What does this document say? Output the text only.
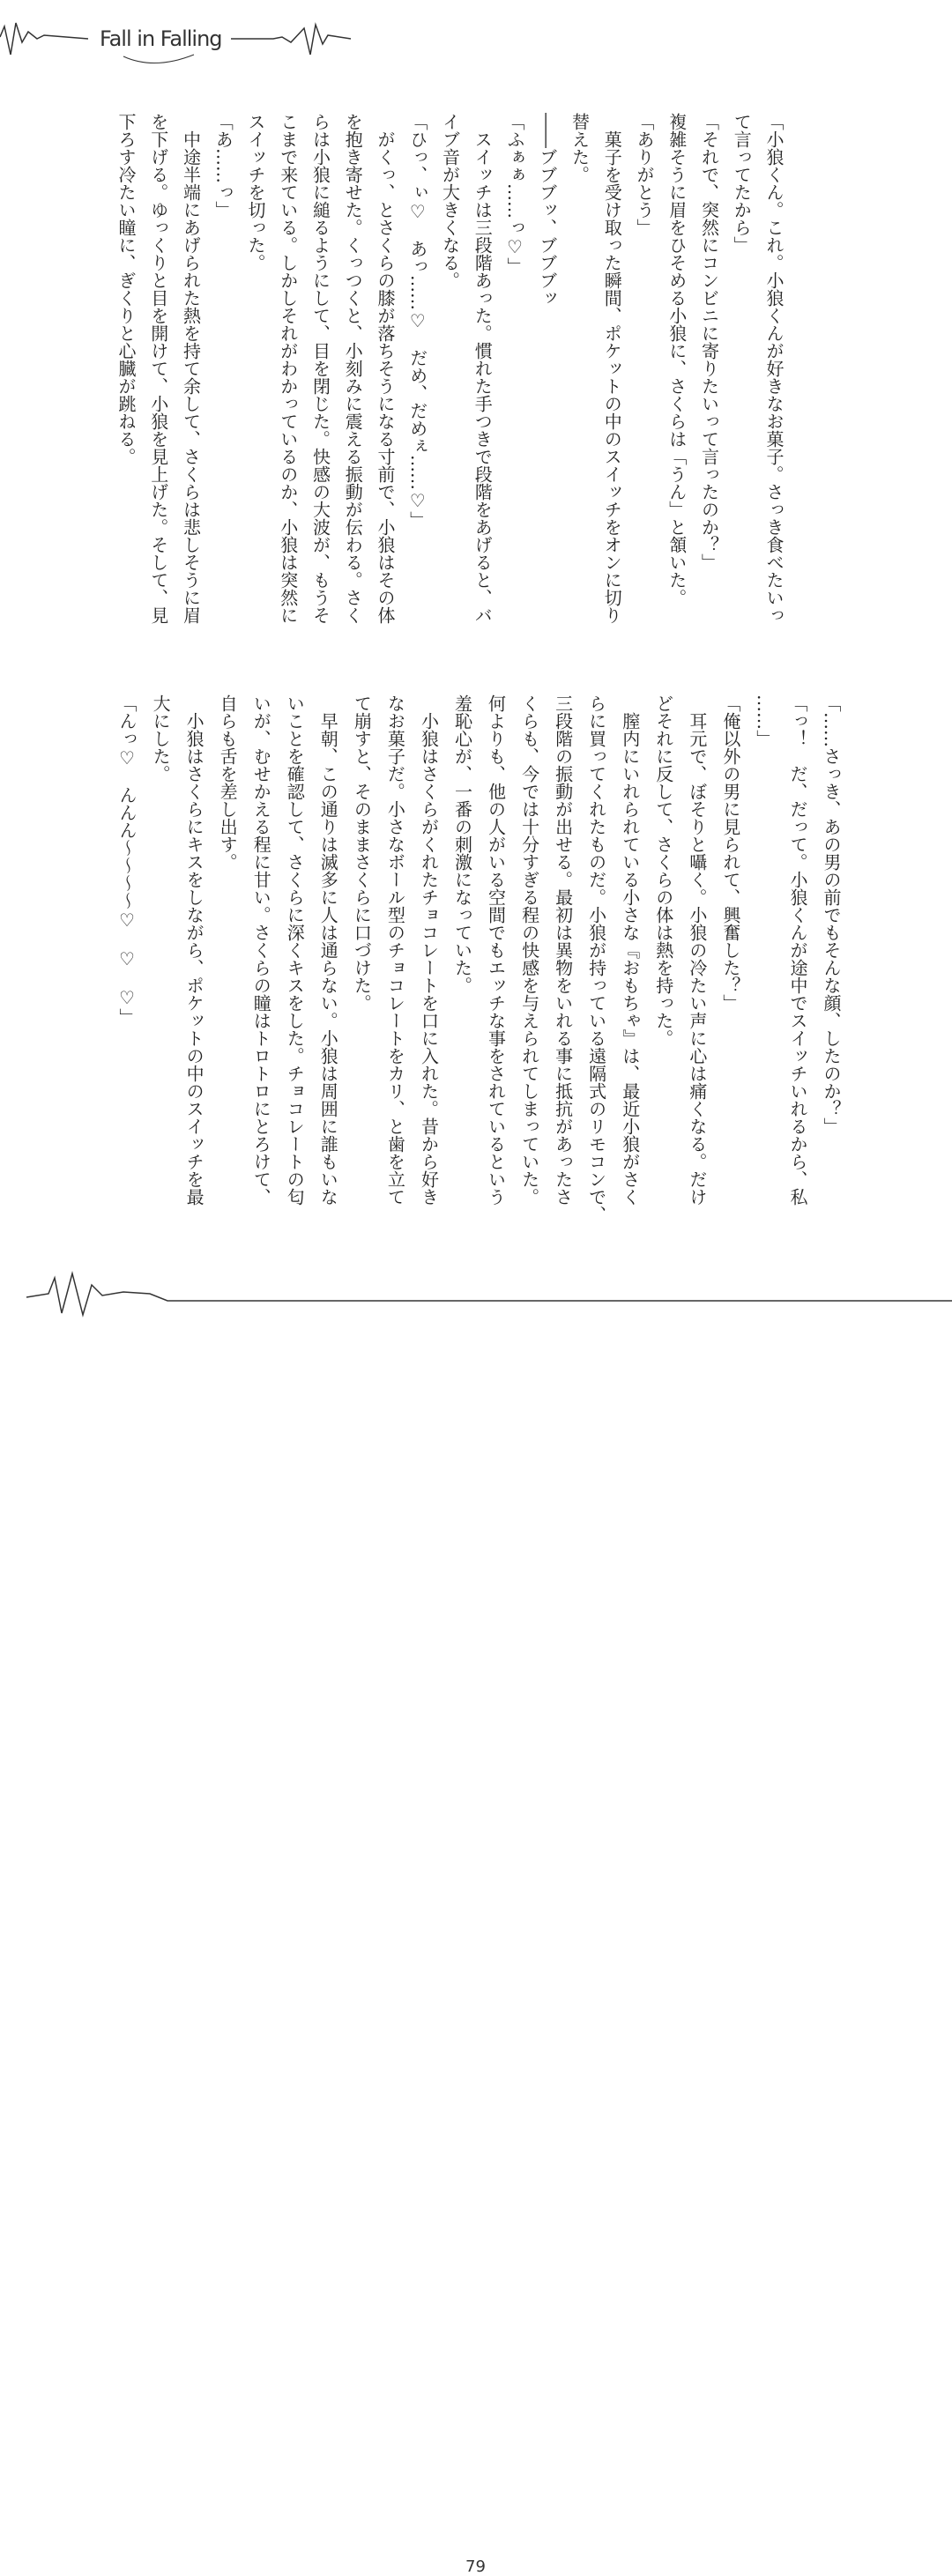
Fall in Falling
「小狼くん。これ。小狼くんが好きなお菓子。さっき食べたいっ
て言ってたから」
「それで、突然にコンビニに寄りたいって言ったのか？」
複雑そうに眉をひそめる小狼に、さくらは「うん」と頷いた。
「ありがとう」
　菓子を受け取った瞬間、ポケットの中のスイッチをオンに切り
替えた。
――ブブブッ、ブブブッ
「ふぁぁ……っ♡」
　スイッチは三段階あった。慣れた手つきで段階をあげると、バ
イブ音が大きくなる。
「ひっ、ぃ♡　あっ……♡　だめ、だめぇ……♡」
　がくっ、とさくらの膝が落ちそうになる寸前で、小狼はその体
を抱き寄せた。くっつくと、小刻みに震える振動が伝わる。さく
らは小狼に縋るようにして、目を閉じた。快感の大波が、もうそ
こまで来ている。しかしそれがわかっているのか、小狼は突然に
スイッチを切った。
「あ……っ」
　中途半端にあげられた熱を持て余して、さくらは悲しそうに眉
を下げる。ゆっくりと目を開けて、小狼を見上げた。そして、見
下ろす冷たい瞳に、ぎくりと心臓が跳ねる。
「……さっき、あの男の前でもそんな顔、したのか？」
「っ！　だ、だって。小狼くんが途中でスイッチいれるから、私
……」
「俺以外の男に見られて、興奮した？」
　耳元で、ぼそりと囁く。小狼の冷たい声に心は痛くなる。だけ
どそれに反して、さくらの体は熱を持った。
　膣内にいれられている小さな『おもちゃ』は、最近小狼がさく
らに買ってくれたものだ。小狼が持っている遠隔式のリモコンで、
三段階の振動が出せる。最初は異物をいれる事に抵抗があったさ
くらも、今では十分すぎる程の快感を与えられてしまっていた。
何よりも、他の人がいる空間でもエッチな事をされているという
羞恥心が、一番の刺激になっていた。
　小狼はさくらがくれたチョコレートを口に入れた。昔から好き
なお菓子だ。小さなボール型のチョコレートをカリ、と歯を立て
て崩すと、そのままさくらに口づけた。
　早朝、この通りは滅多に人は通らない。小狼は周囲に誰もいな
いことを確認して、さくらに深くキスをした。チョコレートの匂
いが、むせかえる程に甘い。さくらの瞳はトロトロにとろけて、
自らも舌を差し出す。
　小狼はさくらにキスをしながら、ポケットの中のスイッチを最
大にした。
「んっ♡　んんん～～～～♡　♡　♡」
79
